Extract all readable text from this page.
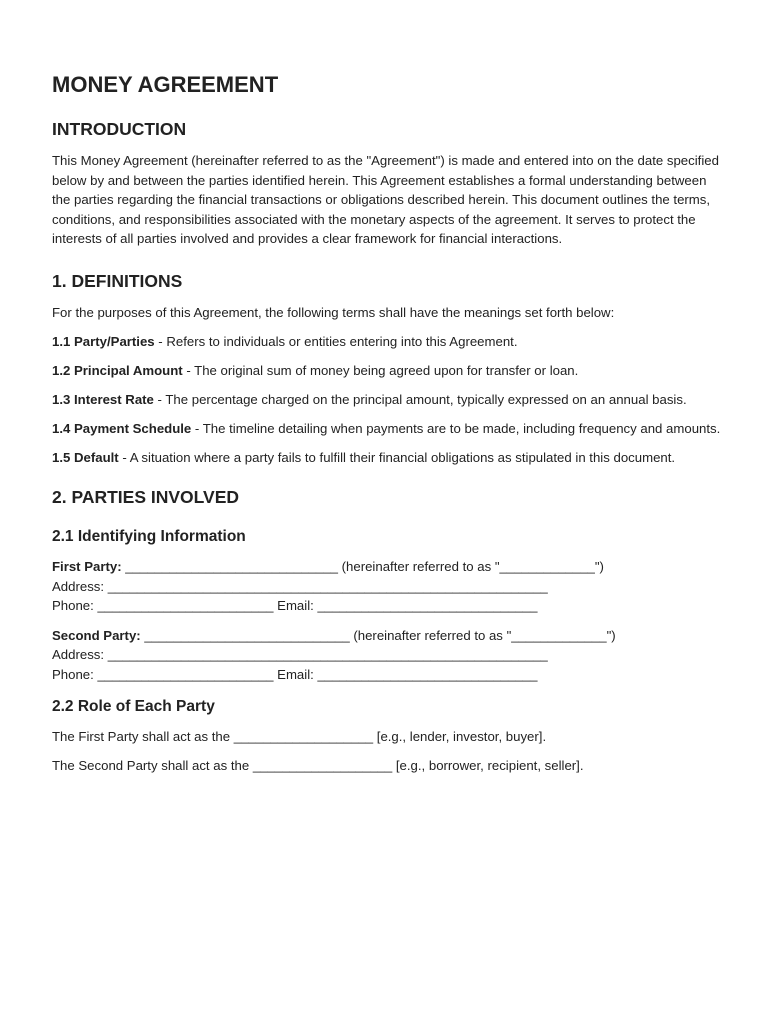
MONEY AGREEMENT
INTRODUCTION

This Money Agreement (hereinafter referred to as the "Agreement") is made and entered into on the date specified below by and between the parties identified herein. This Agreement establishes a formal understanding between the parties regarding the financial transactions or obligations described herein. This document outlines the terms, conditions, and responsibilities associated with the monetary aspects of the agreement. It serves to protect the interests of all parties involved and provides a clear framework for financial interactions.

1. DEFINITIONS

For the purposes of this Agreement, the following terms shall have the meanings set forth below:

1.1 Party/Parties - Refers to individuals or entities entering into this Agreement.

1.2 Principal Amount - The original sum of money being agreed upon for transfer or loan.

1.3 Interest Rate - The percentage charged on the principal amount, typically expressed on an annual basis.

1.4 Payment Schedule - The timeline detailing when payments are to be made, including frequency and amounts.

1.5 Default - A situation where a party fails to fulfill their financial obligations as stipulated in this document.

2. PARTIES INVOLVED
2.1 Identifying Information

First Party: _____________________________ (hereinafter referred to as "_____________")

Address: ____________________________________________________________

Phone: ________________________ Email: ______________________________

Second Party: ____________________________ (hereinafter referred to as "_____________")

Address: ____________________________________________________________

Phone: ________________________ Email: ______________________________

2.2 Role of Each Party

The First Party shall act as the ___________________ [e.g., lender, investor, buyer].

The Second Party shall act as the ___________________ [e.g., borrower, recipient, seller].
